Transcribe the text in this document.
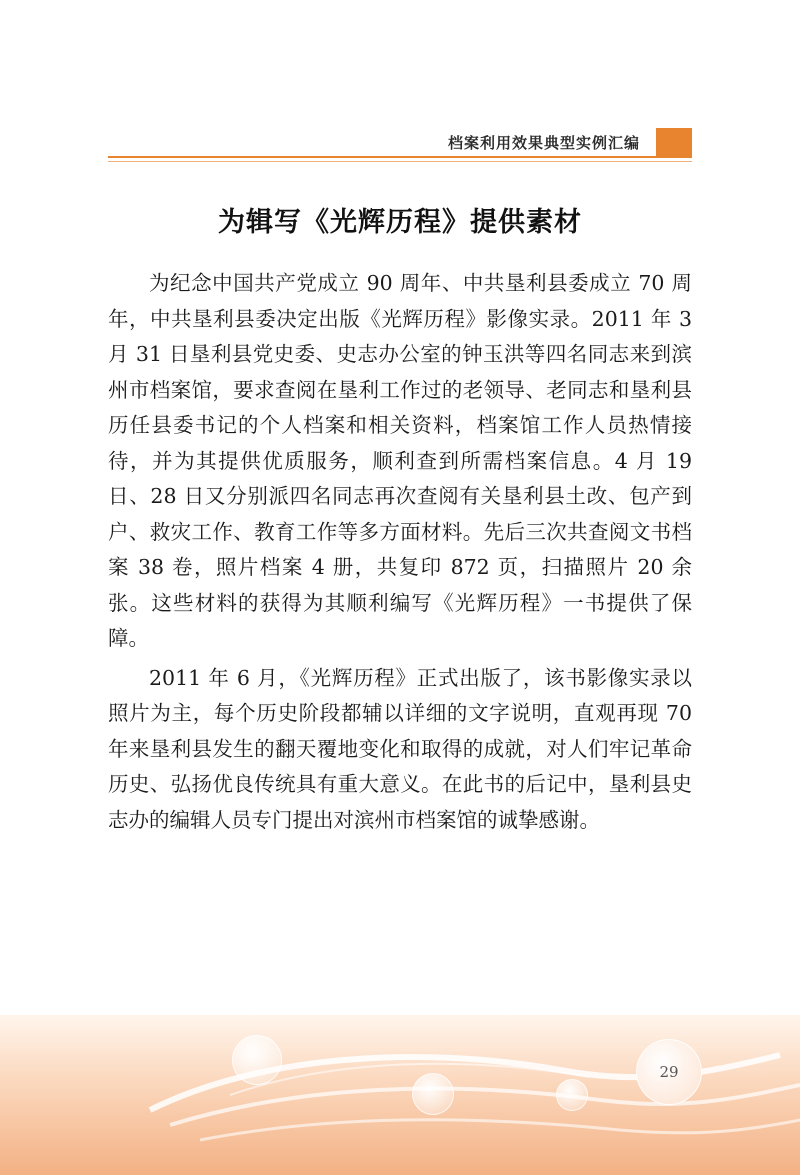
档案利用效果典型实例汇编
为辑写《光辉历程》提供素材

为纪念中国共产党成立 90 周年、中共垦利县委成立 70 周年，中共垦利县委决定出版《光辉历程》影像实录。2011 年 3 月 31 日垦利县党史委、史志办公室的钟玉洪等四名同志来到滨州市档案馆，要求查阅在垦利工作过的老领导、老同志和垦利县历任县委书记的个人档案和相关资料，档案馆工作人员热情接待，并为其提供优质服务，顺利查到所需档案信息。4 月 19 日、28 日又分别派四名同志再次查阅有关垦利县土改、包产到户、救灾工作、教育工作等多方面材料。先后三次共查阅文书档案 38 卷，照片档案 4 册，共复印 872 页，扫描照片 20 余张。这些材料的获得为其顺利编写《光辉历程》一书提供了保障。

2011 年 6 月，《光辉历程》正式出版了，该书影像实录以照片为主，每个历史阶段都辅以详细的文字说明，直观再现 70 年来垦利县发生的翻天覆地变化和取得的成就，对人们牢记革命历史、弘扬优良传统具有重大意义。在此书的后记中，垦利县史志办的编辑人员专门提出对滨州市档案馆的诚挚感谢。

29
